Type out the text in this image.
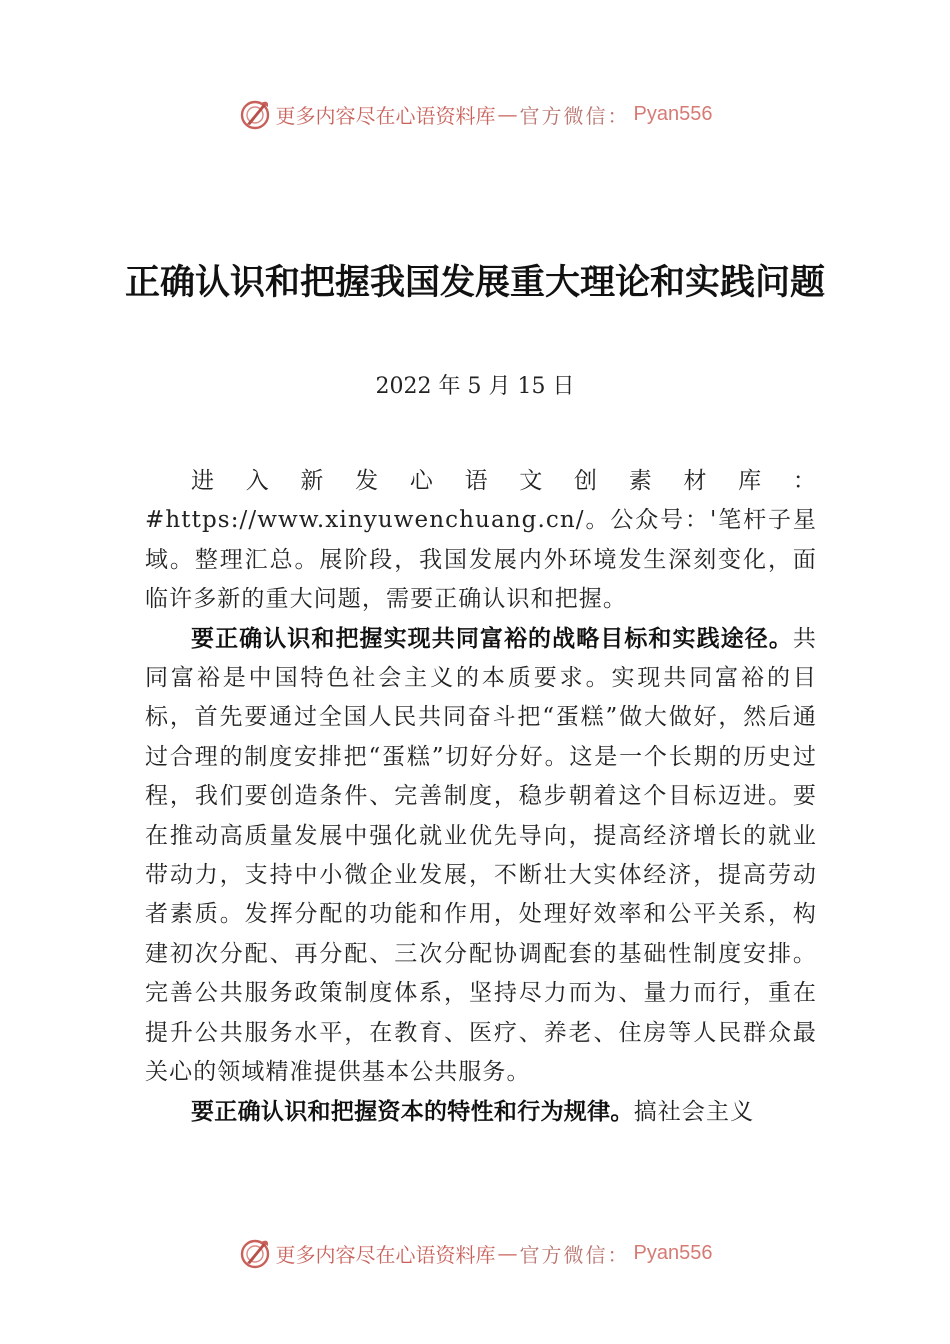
更多内容尽在心语资料库 — 官方微信： Pyan556
正确认识和把握我国发展重大理论和实践问题
2022 年 5 月 15 日

进入新发心语文创素材库：#https://www.xinyuwenchuang.cn/。公众号：'笔杆子星域。整理汇总。展阶段，我国发展内外环境发生深刻变化，面临许多新的重大问题，需要正确认识和把握。

要正确认识和把握实现共同富裕的战略目标和实践途径。共同富裕是中国特色社会主义的本质要求。实现共同富裕的目标，首先要通过全国人民共同奋斗把“蛋糕”做大做好，然后通过合理的制度安排把“蛋糕”切好分好。这是一个长期的历史过程，我们要创造条件、完善制度，稳步朝着这个目标迈进。要在推动高质量发展中强化就业优先导向，提高经济增长的就业带动力，支持中小微企业发展，不断壮大实体经济，提高劳动者素质。发挥分配的功能和作用，处理好效率和公平关系，构建初次分配、再分配、三次分配协调配套的基础性制度安排。完善公共服务政策制度体系，坚持尽力而为、量力而行，重在提升公共服务水平，在教育、医疗、养老、住房等人民群众最关心的领域精准提供基本公共服务。

要正确认识和把握资本的特性和行为规律。搞社会主义

更多内容尽在心语资料库 — 官方微信： Pyan556
